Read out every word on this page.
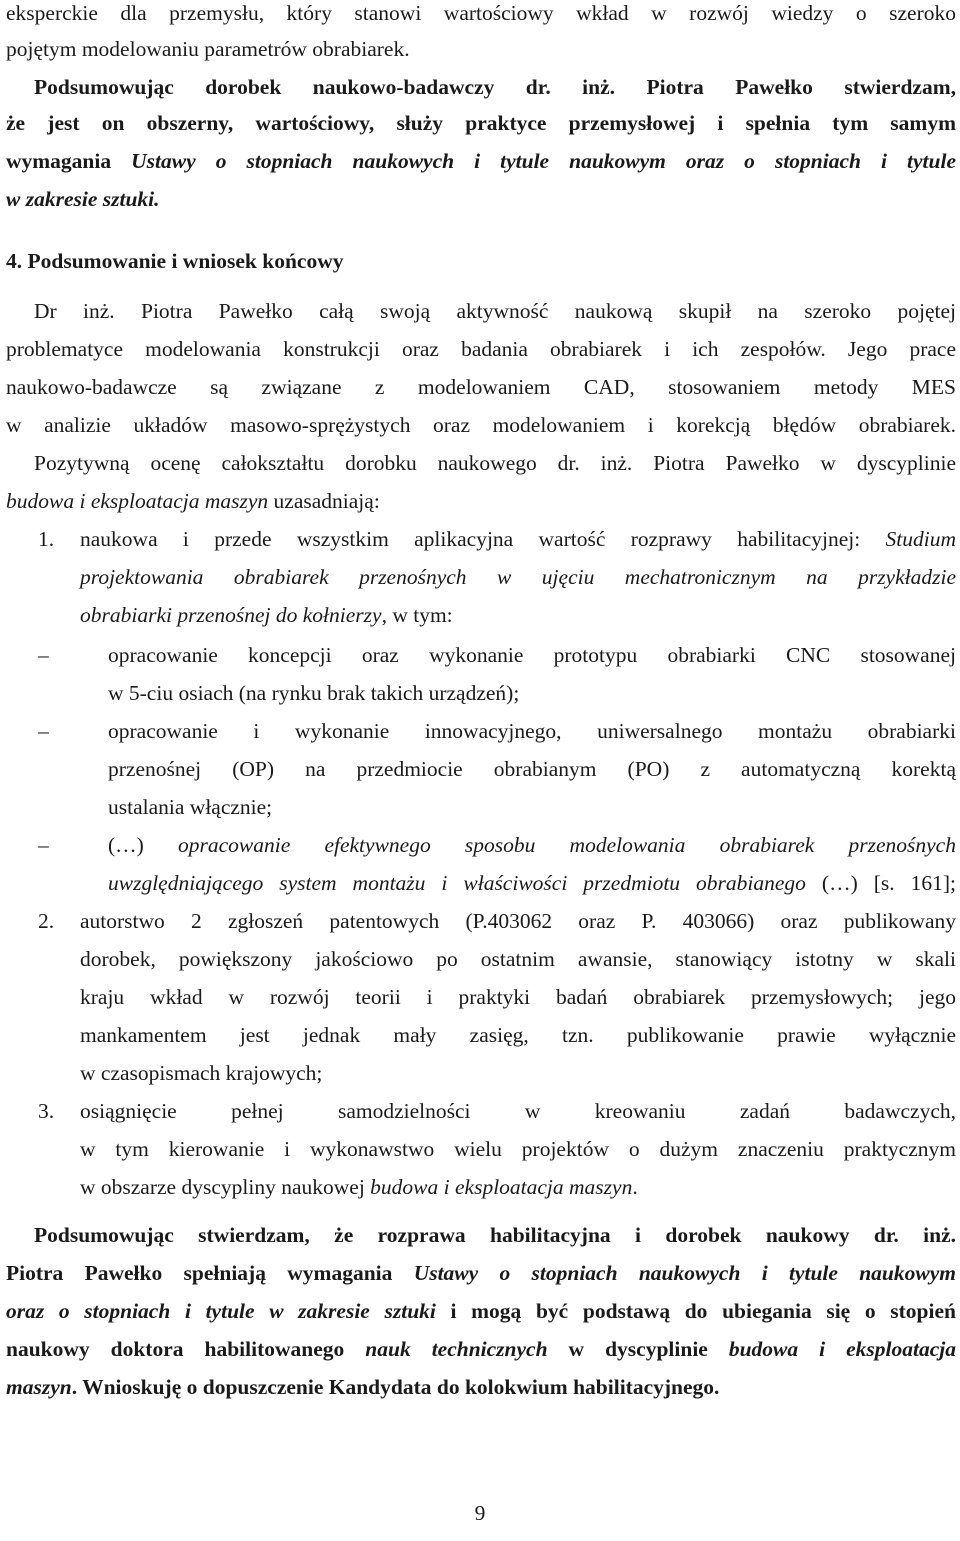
eksperckie dla przemysłu, który stanowi wartościowy wkład w rozwój wiedzy o szeroko
pojętym modelowaniu parametrów obrabiarek.
Podsumowując dorobek naukowo-badawczy dr. inż. Piotra Pawełko stwierdzam,
że jest on obszerny, wartościowy, służy praktyce przemysłowej i spełnia tym samym
wymagania Ustawy o stopniach naukowych i tytule naukowym oraz o stopniach i tytule
w zakresie sztuki.
4. Podsumowanie i wniosek końcowy
Dr inż. Piotra Pawełko całą swoją aktywność naukową skupił na szeroko pojętej
problematyce modelowania konstrukcji oraz badania obrabiarek i ich zespołów. Jego prace
naukowo-badawcze są związane z modelowaniem CAD, stosowaniem metody MES
w analizie układów masowo-sprężystych oraz modelowaniem i korekcją błędów obrabiarek.
Pozytywną ocenę całokształtu dorobku naukowego dr. inż. Piotra Pawełko w dyscyplinie
budowa i eksploatacja maszyn uzasadniają:
1. naukowa i przede wszystkim aplikacyjna wartość rozprawy habilitacyjnej: Studium
projektowania obrabiarek przenośnych w ujęciu mechatronicznym na przykładzie
obrabiarki przenośnej do kołnierzy, w tym:
–	opracowanie koncepcji oraz wykonanie prototypu obrabiarki CNC stosowanej
w 5-ciu osiach (na rynku brak takich urządzeń);
–	opracowanie i wykonanie innowacyjnego, uniwersalnego montażu obrabiarki
przenośnej (OP) na przedmiocie obrabianym (PO) z automatyczną korektą
ustalania włącznie;
–	(…) opracowanie efektywnego sposobu modelowania obrabiarek przenośnych
uwzględniającego system montażu i właściwości przedmiotu obrabianego (…) [s. 161];
2. autorstwo 2 zgłoszeń patentowych (P.403062 oraz P. 403066) oraz publikowany
dorobek, powiększony jakościowo po ostatnim awansie, stanowiący istotny w skali
kraju wkład w rozwój teorii i praktyki badań obrabiarek przemysłowych; jego
mankamentem jest jednak mały zasięg, tzn. publikowanie prawie wyłącznie
w czasopismach krajowych;
3. osiągnięcie pełnej samodzielności w kreowaniu zadań badawczych,
w tym kierowanie i wykonawstwo wielu projektów o dużym znaczeniu praktycznym
w obszarze dyscypliny naukowej budowa i eksploatacja maszyn.
Podsumowując stwierdzam, że rozprawa habilitacyjna i dorobek naukowy dr. inż.
Piotra Pawełko spełniają wymagania Ustawy o stopniach naukowych i tytule naukowym
oraz o stopniach i tytule w zakresie sztuki i mogą być podstawą do ubiegania się o stopień
naukowy doktora habilitowanego nauk technicznych w dyscyplinie budowa i eksploatacja
maszyn. Wnioskuję o dopuszczenie Kandydata do kolokwium habilitacyjnego.
9
